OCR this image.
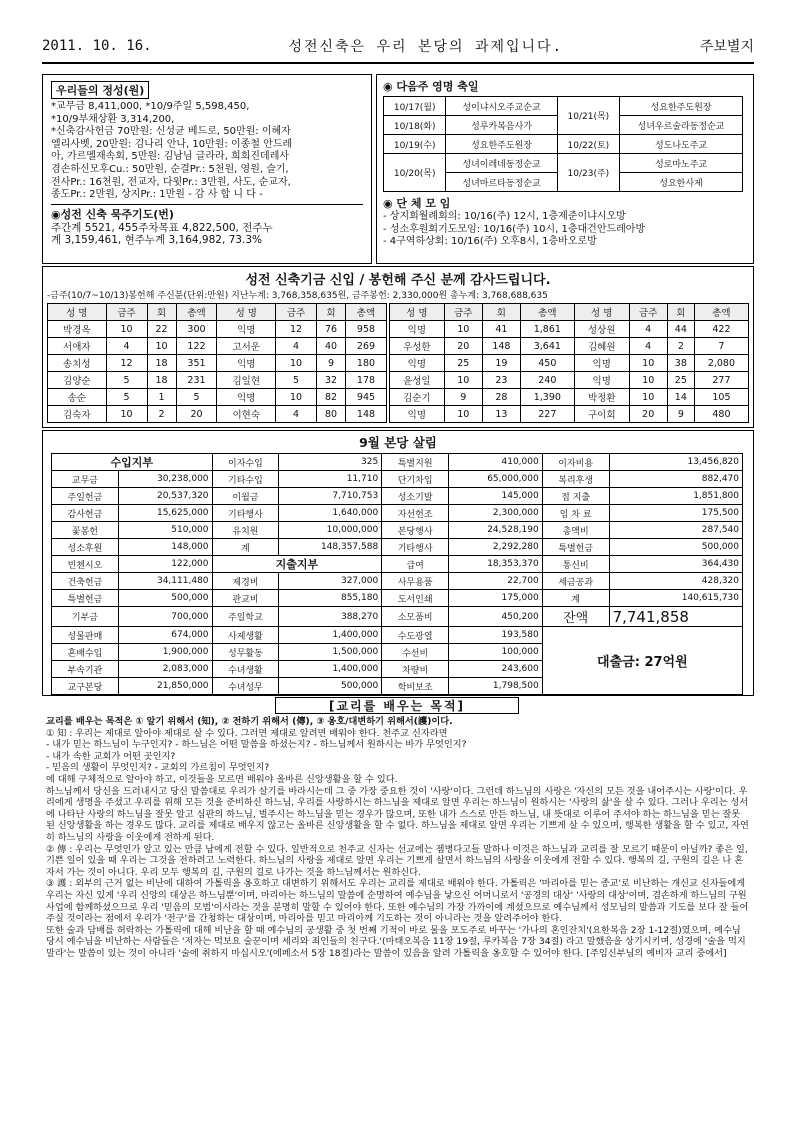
2011. 10. 16.	성전신축은 우리 본당의 과제입니다.	주보별지
우리들의 정성(원)
*교무금 8,411,000, *10/9주일 5,598,450,
*10/9부채상환 3,314,200,
*신축감사헌금 70만원: 신성균 베드로, 50만원: 이혜자
엘리사벳, 20만원: 김나리 안나, 10만원: 이종철 안드레
아, 가르멜재속회, 5만원: 김남님 글라라, 희희진데레사
겸손하신모후Cu.: 50만원, 순결Pr.: 5천원, 영원, 슬기,
전사Pr.: 16천원, 전교자, 다윗Pr.: 3만원, 사도, 순교자,
종도Pr.: 2만원, 상지Pr.: 1만원 - 감 사 합 니 다 -
◉성전 신축 묵주기도(번)
주간계 5521, 455주차목표 4,822,500, 전주누
계 3,159,461, 현주누계 3,164,982, 73.3%
◉ 다음주 영명 축일
10/17(월)	성이냐시오주교순교	10/21(목)	성요한주도원장
10/18(화)	성루카복음사가		성녀우르술라동정순교
10/19(수)	성요한주도원장	10/22(토)	성도나도주교
10/20(목)	성녀이레네동정순교	10/23(주)	성로마노주교
	성녀마르타동정순교		성요한사제
◉ 단 체 모 임
- 상지회월례회의: 10/16(주) 12시, 1층제준이냐시오방
- 성소후원회기도모임: 10/16(주) 10시, 1층대건안드레아방
- 4구역하상회: 10/16(주) 오후8시, 1층바오로방
성전 신축기금 신입 / 봉헌해 주신 분께 감사드립니다.
-금주(10/7~10/13)봉헌해 주신분(단위:만원) 지난누계: 3,768,358,635원, 금주봉헌: 2,330,000원 총누계: 3,768,688,635
성 명	금주	회	총액	성 명	금주	회	총액
박경옥	10	22	300	익명	12	76	958
서애자	4	10	122	고서운	4	40	269
송치성	12	18	351	익명	10	9	180
김양순	5	18	231	김일현	5	32	178
송순	5	1	5	익명	10	82	945
김숙자	10	2	20	이현숙	4	80	148
성 명	금주	회	총액	성 명	금주	회	총액
익명	10	41	1,861	성상원	4	44	422
우성한	20	148	3,641	김혜원	4	2	7
익명	25	19	450	익명	10	38	2,080
윤성일	10	23	240	익명	10	25	277
김순기	9	28	1,390	박정환	10	14	105
익명	10	13	227	구이회	20	9	480
9월 본당 살림
수입지부		이자수입	325	특별지원	410,000	이자비용	13,456,820
교무금	30,238,000	기타수입	11,710	단기차입	65,000,000	복리후생	882,470
주일헌금	20,537,320	이월금	7,710,753	성소기발	145,000	접 지출	1,851,800
감사헌금	15,625,000	기타행사	1,640,000	자선헌조	2,300,000	임 차 료	175,500
꽃봉헌	510,000	유치원	10,000,000	본당행사	24,528,190	총액비	287,540
성소후원	148,000	계	148,357,588	기타행사	2,292,280	특별헌금	500,000
빈첸시오	122,000	지출지부		급여	18,353,370	통신비	364,430
건축헌금	34,111,480	제경비	327,000	사무용품	22,700	세금공과	428,320
특별헌금	500,000	관교비	855,180	도서인쇄	175,000	계	140,615,730
기부금	700,000	주일학교	388,270	소모품비	450,200	잔액	7,741,858
성물판매	674,000	사제생활	1,400,000	수도광열	193,580	대출금: 27억원	
혼배수입	1,900,000	성무활동	1,500,000	수선비	100,000		
부속기관	2,083,000	수녀생활	1,400,000	차량비	243,600		
교구본당	21,850,000	수녀성무	500,000	학비보조	1,798,500		
[교리를 배우는 목적]

교리를 배우는 목적은 ① 알기 위해서 (知), ② 전하기 위해서 (傳), ③ 옹호/대변하기 위해서(護)이다.

① 知 : 우리는 제대로 알아야 제대로 살 수 있다. 그러면 제대로 알려면 배워야 한다. 천주교 신자라면

- 내가 믿는 하느님이 누구인지? - 하느님은 어떤 말씀을 하셨는지? - 하느님께서 원하시는 바가 무엇인지?

- 내가 속한 교회가 어떤 곳인지?

- 믿음의 생활이 무엇인지? - 교회의 가르침이 무엇인지?

에 대해 구체적으로 알아야 하고, 이것들을 모르면 배워야 올바른 신앙생활을 할 수 있다.

하느님께서 당신을 드러내시고 당신 말씀대로 우리가 살기를 바라시는데 그 중 가장 중요한 것이 '사랑'이다. 그런데 하느님의 사랑은 '자신의 모든 것을 내어주시는 사랑'이다. 우리에게 생명을 주셨고 우리를 위해 모든 것을 준비하신 하느님, 우리를 사랑하시는 하느님을 제대로 알면 우리는 하느님이 원하시는 '사랑의 삶'을 살 수 있다. 그러나 우리는 성서에 나타난 사랑의 하느님을 잘못 알고 심판의 하느님, 벌주시는 하느님을 믿는 경우가 많으며, 또한 내가 스스로 만든 하느님, 내 뜻대로 이루어 주셔야 하는 하느님을 믿는 잘못된 신앙생활을 하는 경우도 많다. 교리를 제대로 배우지 않고는 올바른 신앙생활을 할 수 없다. 하느님을 제대로 알면 우리는 기쁘게 살 수 있으며, 행복한 생활을 할 수 있고, 자연히 하느님의 사랑을 이웃에게 전하게 된다.

② 傳 : 우리는 무엇인가 알고 있는 만큼 남에게 전할 수 있다. 일반적으로 천주교 신자는 선교에는 젬병다고들 말하나 이것은 하느님과 교리를 잘 모르기 때문이 아닐까? 좋은 일, 기쁜 일이 있을 때 우리는 그것을 전하려고 노력한다. 하느님의 사랑을 제대로 알면 우리는 기쁘게 살면서 하느님의 사랑을 이웃에게 전할 수 있다. 행복의 길, 구원의 길은 나 혼자서 가는 것이 아니다. 우리 모두 행복의 길, 구원의 길로 나가는 것을 하느님께서는 원하신다.

③ 護 : 외부의 근거 없는 비난에 대하여 가톨릭을 옹호하고 대변하기 위해서도 우리는 교리를 제대로 배워야 한다. 가톨릭은 '마리아를 믿는 종교'로 비난하는 개신교 신자들에게 우리는 자신 있게 '우리 신앙의 대상은 하느님뿐'이며, 마리아는 하느님의 말씀에 순명하여 예수님을 낳으신 어머니로서 '공경의 대상' '사랑의 대상'이며, 겸손하게 하느님의 구원사업에 함께하셨으므로 우리 '믿음의 모범'이시라는 것을 분명히 말할 수 있어야 한다. 또한 예수님의 가장 가까이에 계셨으므로 예수님께서 성모님의 말씀과 기도를 보다 잘 들어주실 것이라는 점에서 우리가 '전구'를 간청하는 대상이며, 마리아를 믿고 마리아께 기도하는 것이 아니라는 것을 알려주어야 한다.

또한 술과 담배를 허락하는 가톨릭에 대해 비난을 할 때 예수님의 공생활 중 첫 번째 기적이 바로 물을 포도주로 바꾸는 '가나의 혼인잔치'(요한복음 2장 1-12절)였으며, 예수님 당시 예수님을 비난하는 사람들은 '저자는 먹보요 술꾼이며 세리와 죄인들의 친구다.'(마태오복음 11장 19절, 루카복음 7장 34절) 라고 말했음을 상기시키며, 성경에 '술을 먹지 말라'는 말씀이 있는 것이 아니라 '술에 취하지 마십시오'(에페소서 5장 18절)라는 말씀이 있음을 알려 가톨릭을 옹호할 수 있어야 한다. [주임신부님의 예비자 교리 중에서]
